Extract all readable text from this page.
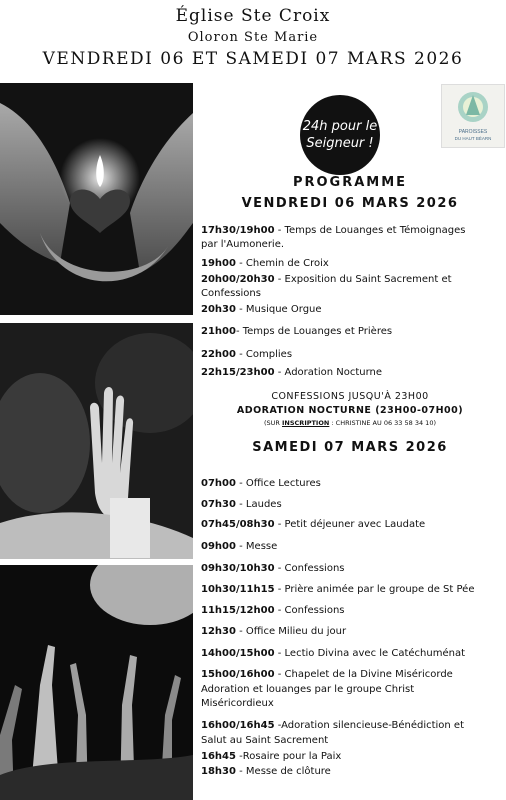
Église Ste Croix
Oloron Ste Marie
VENDREDI 06 ET SAMEDI 07 MARS 2026
24h pour le
Seigneur !
PAROISSES
DU HAUT BÉARN
PROGRAMME
VENDREDI 06 MARS 2026
17h30/19h00 - Temps de Louanges et Témoignages
par l'Aumonerie.
19h00 - Chemin de Croix
20h00/20h30 - Exposition du Saint Sacrement et
Confessions
20h30 - Musique Orgue
21h00- Temps de Louanges et Prières
22h00 - Complies
22h15/23h00 - Adoration Nocturne
CONFESSIONS JUSQU'À 23H00
ADORATION NOCTURNE (23H00-07H00)
(SUR INSCRIPTION : CHRISTINE AU 06 33 58 34 10)
SAMEDI 07 MARS 2026
07h00 - Office Lectures
07h30 - Laudes
07h45/08h30 - Petit déjeuner avec Laudate
09h00 - Messe
09h30/10h30 - Confessions
10h30/11h15 - Prière animée par le groupe de St Pée
11h15/12h00 - Confessions
12h30 - Office Milieu du jour
14h00/15h00 - Lectio Divina avec le Catéchuménat
15h00/16h00 - Chapelet de la Divine Miséricorde
Adoration et louanges par le groupe Christ
Miséricordieux
16h00/16h45 -Adoration silencieuse-Bénédiction et
Salut au Saint Sacrement
16h45 -Rosaire pour la Paix
18h30 - Messe de clôture
